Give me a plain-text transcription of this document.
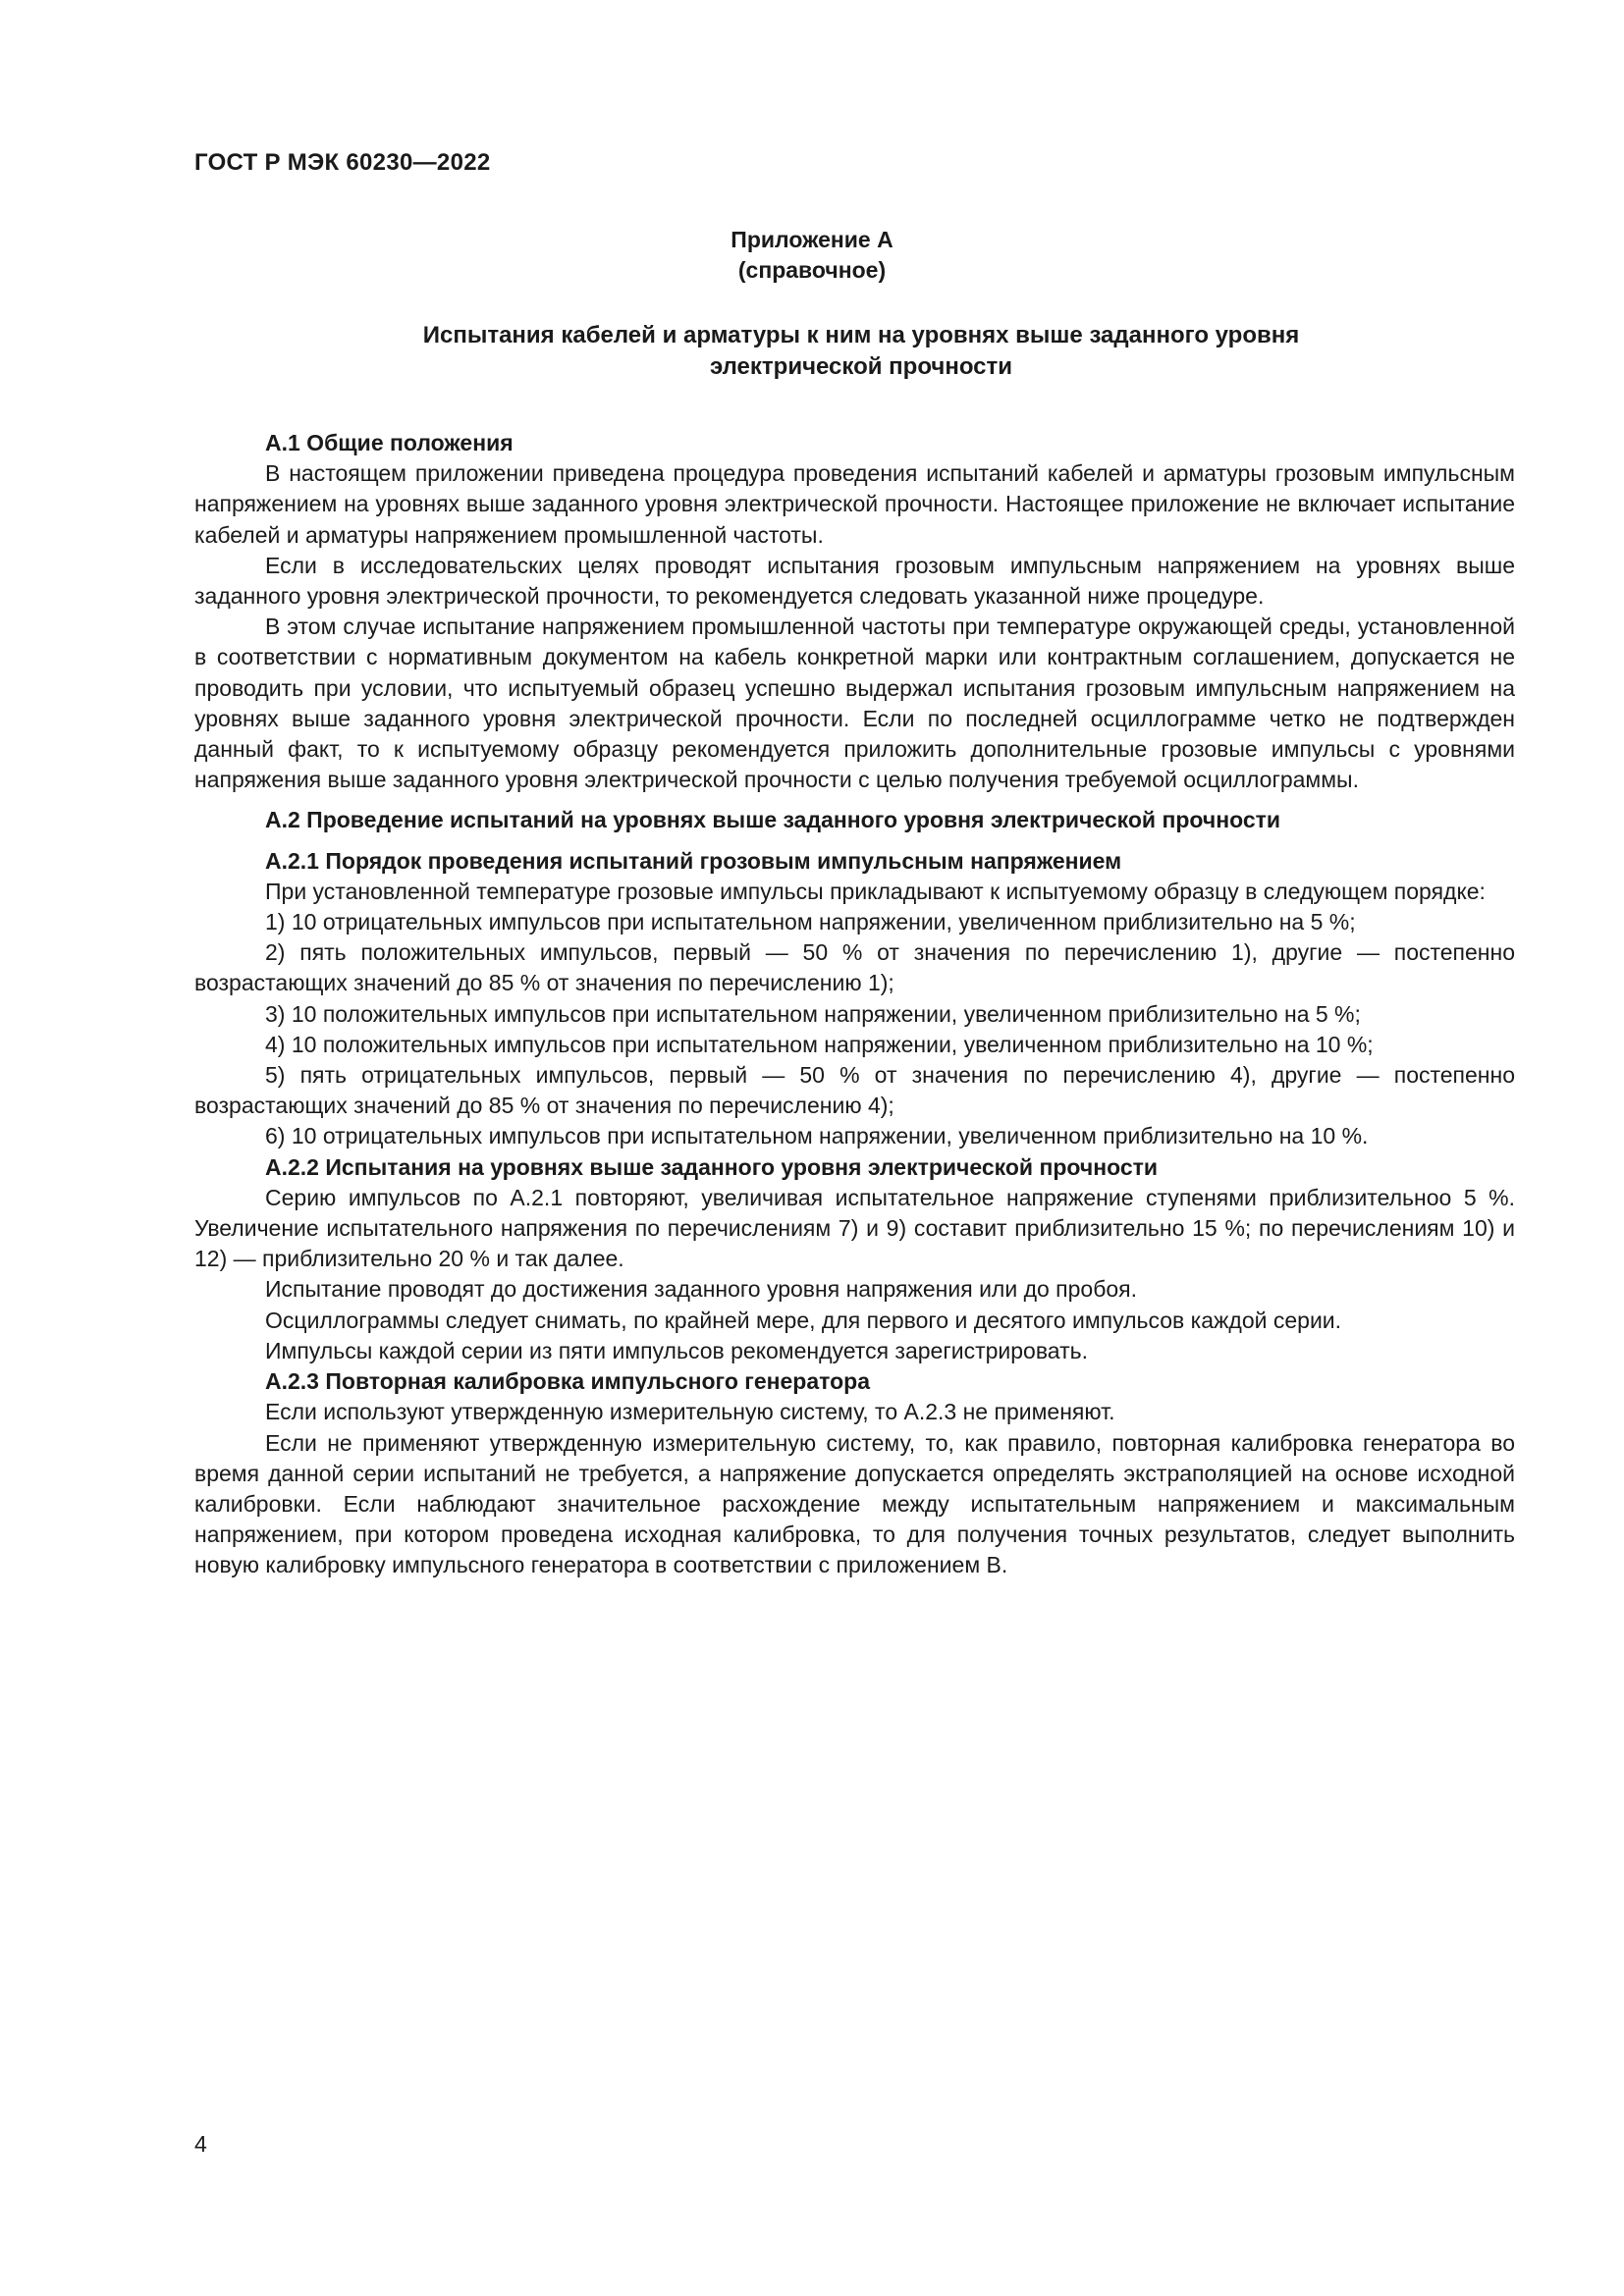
ГОСТ Р МЭК 60230—2022
Приложение А
(справочное)
Испытания кабелей и арматуры к ним на уровнях выше заданного уровня
электрической прочности
А.1 Общие положения

В настоящем приложении приведена процедура проведения испытаний кабелей и арматуры грозовым импульсным напряжением на уровнях выше заданного уровня электрической прочности. Настоящее приложение не включает испытание кабелей и арматуры напряжением промышленной частоты.

Если в исследовательских целях проводят испытания грозовым импульсным напряжением на уровнях выше заданного уровня электрической прочности, то рекомендуется следовать указанной ниже процедуре.

В этом случае испытание напряжением промышленной частоты при температуре окружающей среды, установленной в соответствии с нормативным документом на кабель конкретной марки или контрактным соглашением, допускается не проводить при условии, что испытуемый образец успешно выдержал испытания грозовым импульсным напряжением на уровнях выше заданного уровня электрической прочности. Если по последней осциллограмме четко не подтвержден данный факт, то к испытуемому образцу рекомендуется приложить дополнительные грозовые импульсы с уровнями напряжения выше заданного уровня электрической прочности с целью получения требуемой осциллограммы.

А.2 Проведение испытаний на уровнях выше заданного уровня электрической прочности
А.2.1 Порядок проведения испытаний грозовым импульсным напряжением

При установленной температуре грозовые импульсы прикладывают к испытуемому образцу в следующем порядке:

1) 10 отрицательных импульсов при испытательном напряжении, увеличенном приблизительно на 5 %;

2) пять положительных импульсов, первый — 50 % от значения по перечислению 1), другие — постепенно возрастающих значений до 85 % от значения по перечислению 1);

3) 10 положительных импульсов при испытательном напряжении, увеличенном приблизительно на 5 %;

4) 10 положительных импульсов при испытательном напряжении, увеличенном приблизительно на 10 %;

5) пять отрицательных импульсов, первый — 50 % от значения по перечислению 4), другие — постепенно возрастающих значений до 85 % от значения по перечислению 4);

6) 10 отрицательных импульсов при испытательном напряжении, увеличенном приблизительно на 10 %.

А.2.2 Испытания на уровнях выше заданного уровня электрической прочности

Серию импульсов по А.2.1 повторяют, увеличивая испытательное напряжение ступенями приблизительноо 5 %. Увеличение испытательного напряжения по перечислениям 7) и 9) составит приблизительно 15 %; по перечислениям 10) и 12) — приблизительно 20 % и так далее.

Испытание проводят до достижения заданного уровня напряжения или до пробоя.

Осциллограммы следует снимать, по крайней мере, для первого и десятого импульсов каждой серии.

Импульсы каждой серии из пяти импульсов рекомендуется зарегистрировать.

А.2.3 Повторная калибровка импульсного генератора

Если используют утвержденную измерительную систему, то А.2.3 не применяют.

Если не применяют утвержденную измерительную систему, то, как правило, повторная калибровка генератора во время данной серии испытаний не требуется, а напряжение допускается определять экстраполяцией на основе исходной калибровки. Если наблюдают значительное расхождение между испытательным напряжением и максимальным напряжением, при котором проведена исходная калибровка, то для получения точных результатов, следует выполнить новую калибровку импульсного генератора в соответствии с приложением В.

4
